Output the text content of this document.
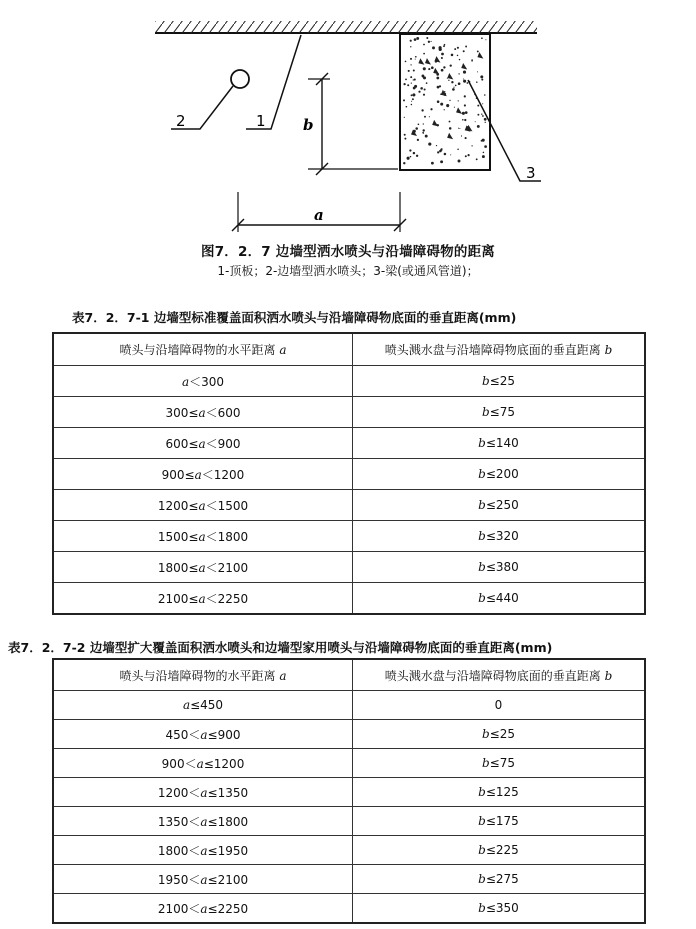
2	1
3
b
a
图7．2．7 边墙型洒水喷头与沿墙障碍物的距离
1-顶板；2-边墙型洒水喷头；3-梁(或通风管道)；
表7．2．7-1 边墙型标准覆盖面积洒水喷头与沿墙障碍物底面的垂直距离(mm)
喷头与沿墙障碍物的水平距离 a	喷头溅水盘与沿墙障碍物底面的垂直距离 b
a＜300	b≤25
300≤a＜600	b≤75
600≤a＜900	b≤140
900≤a＜1200	b≤200
1200≤a＜1500	b≤250
1500≤a＜1800	b≤320
1800≤a＜2100	b≤380
2100≤a＜2250	b≤440
表7．2．7-2 边墙型扩大覆盖面积洒水喷头和边墙型家用喷头与沿墙障碍物底面的垂直距离(mm)
喷头与沿墙障碍物的水平距离 a	喷头溅水盘与沿墙障碍物底面的垂直距离 b
a≤450	0
450＜a≤900	b≤25
900＜a≤1200	b≤75
1200＜a≤1350	b≤125
1350＜a≤1800	b≤175
1800＜a≤1950	b≤225
1950＜a≤2100	b≤275
2100＜a≤2250	b≤350
